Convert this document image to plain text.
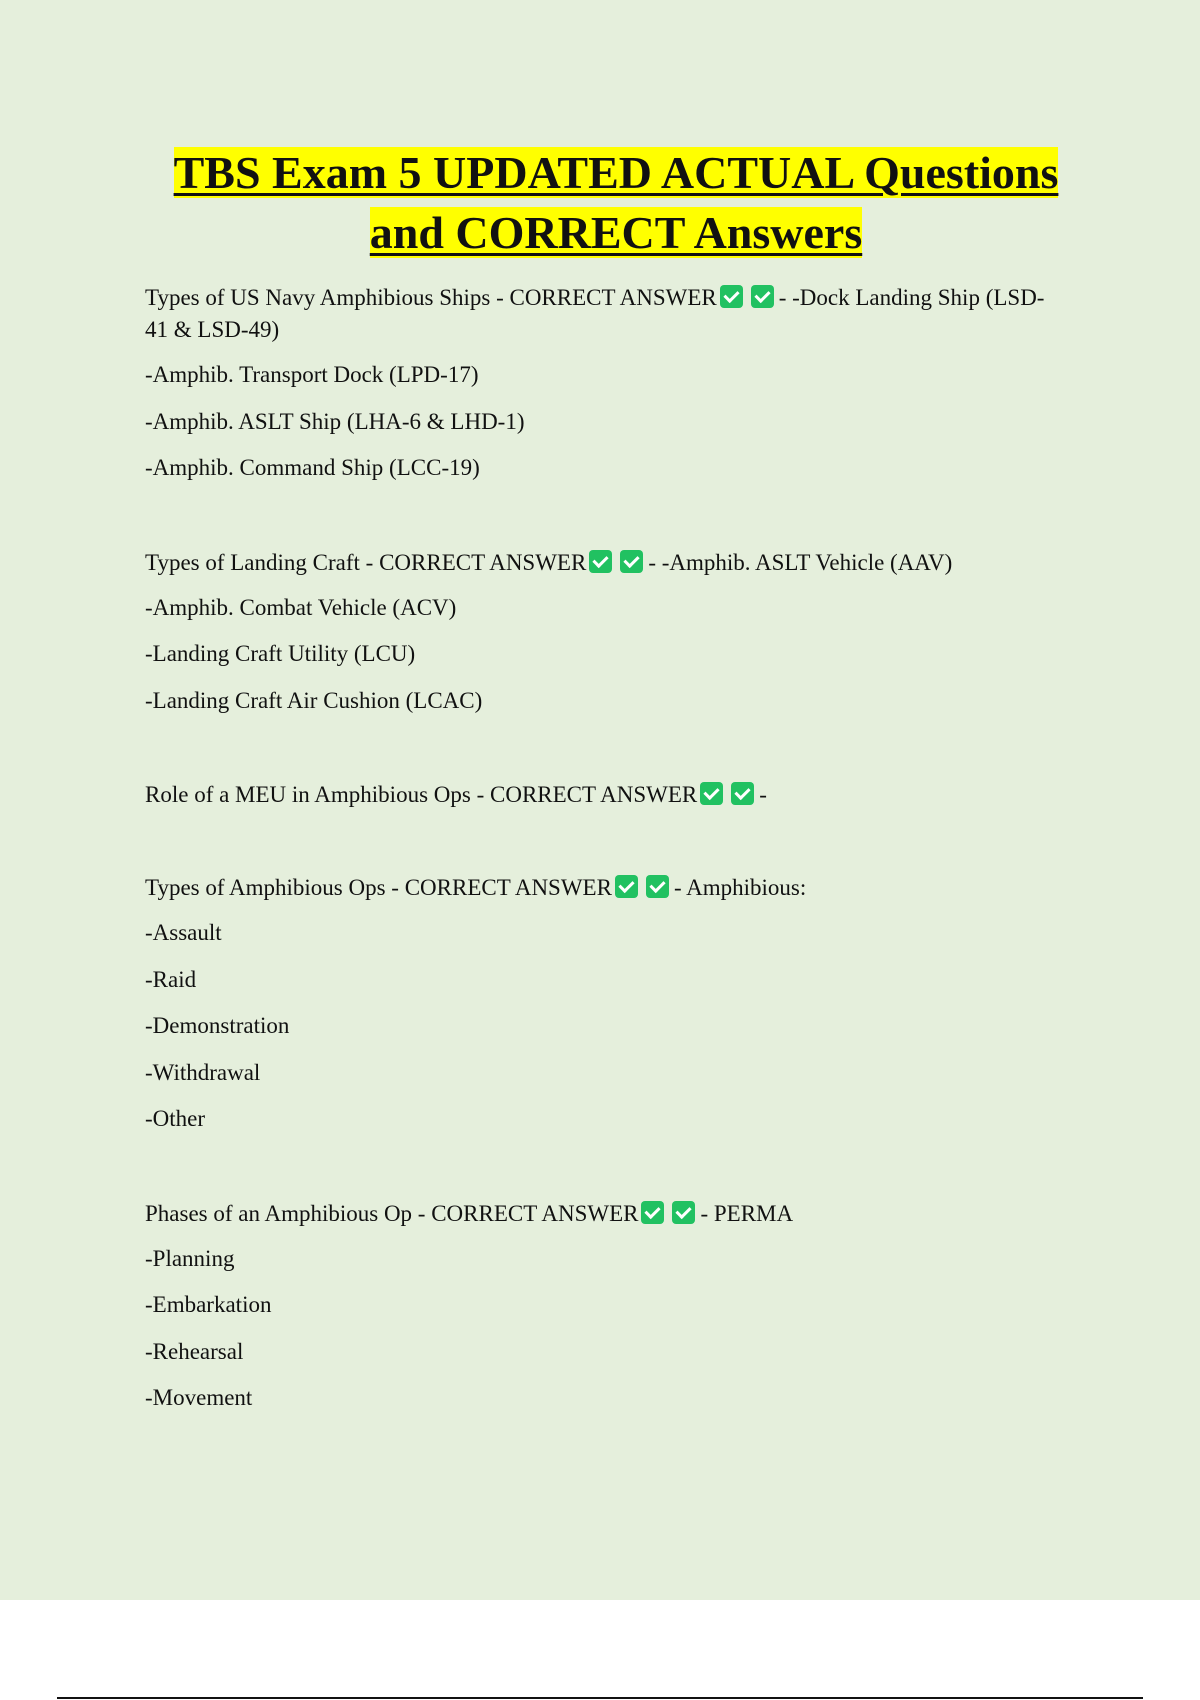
TBS Exam 5 UPDATED ACTUAL Questions
and CORRECT Answers

Types of US Navy Amphibious Ships - CORRECT ANSWER	- -Dock Landing Ship (LSD-41 & LSD-49)

-Amphib. Transport Dock (LPD-17)

-Amphib. ASLT Ship (LHA-6 & LHD-1)

-Amphib. Command Ship (LCC-19)

Types of Landing Craft - CORRECT ANSWER	- -Amphib. ASLT Vehicle (AAV)

-Amphib. Combat Vehicle (ACV)

-Landing Craft Utility (LCU)

-Landing Craft Air Cushion (LCAC)

Role of a MEU in Amphibious Ops - CORRECT ANSWER	-

Types of Amphibious Ops - CORRECT ANSWER	- Amphibious:

-Assault

-Raid

-Demonstration

-Withdrawal

-Other

Phases of an Amphibious Op - CORRECT ANSWER	- PERMA

-Planning

-Embarkation

-Rehearsal

-Movement
